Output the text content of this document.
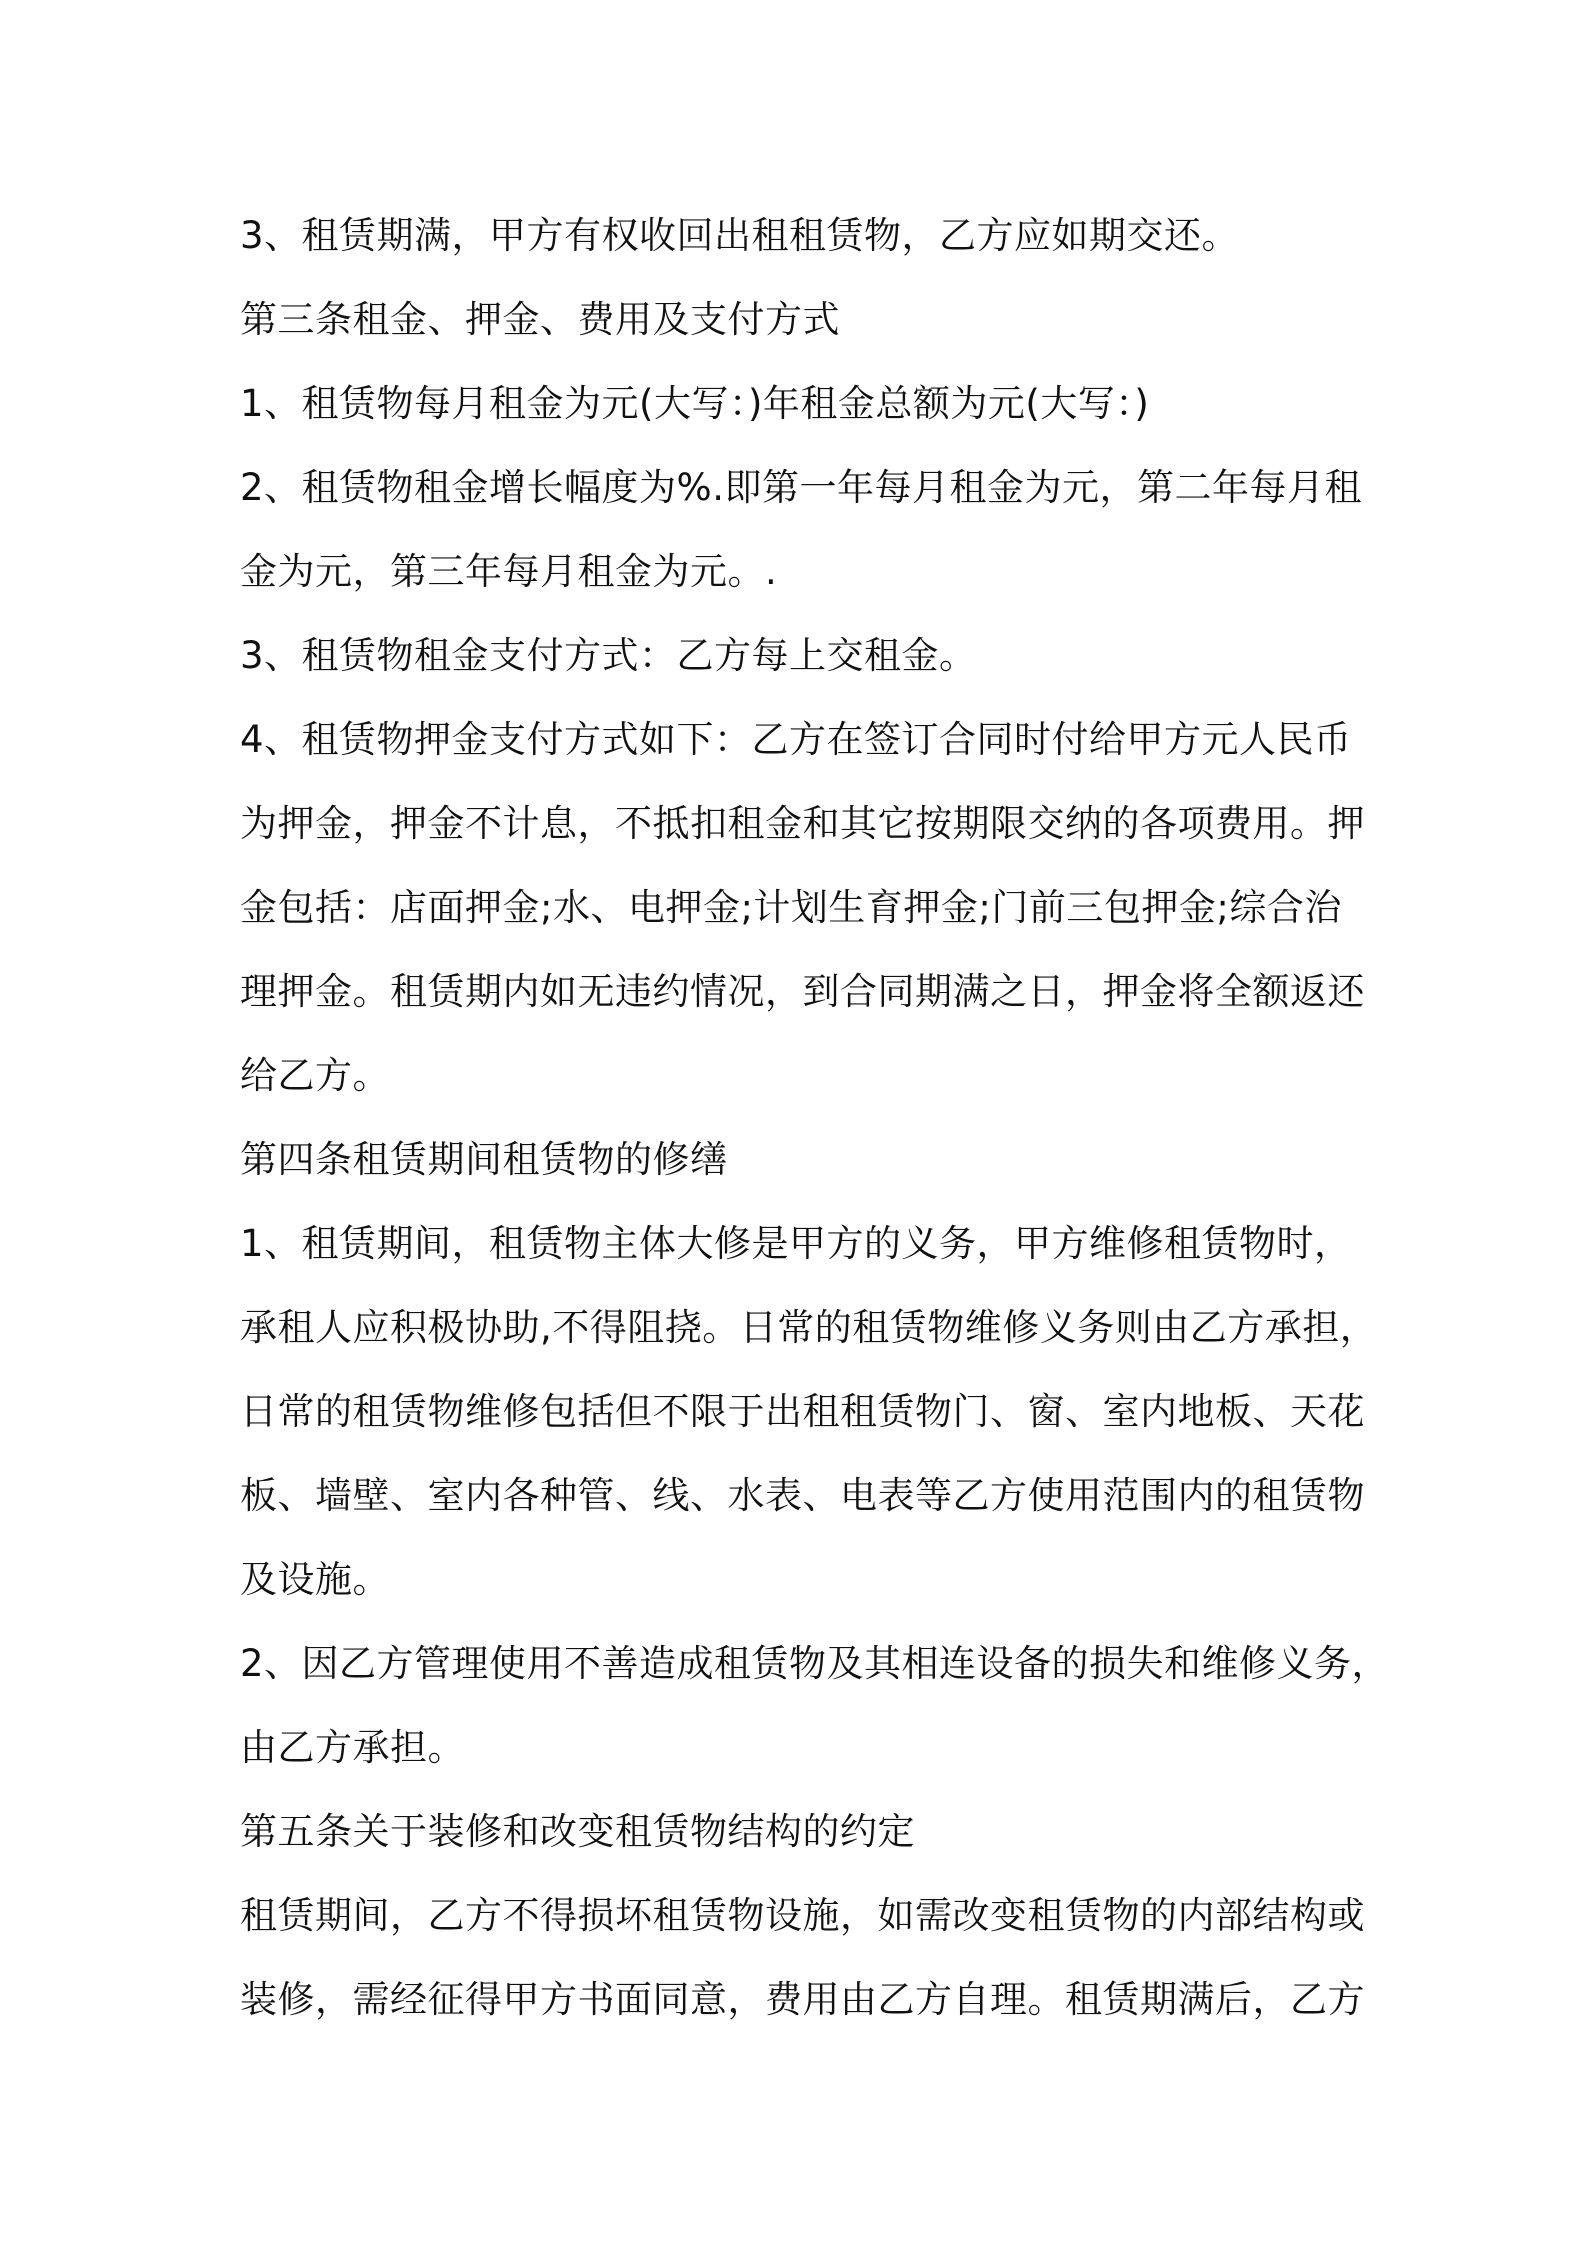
3、租赁期满，甲方有权收回出租租赁物，乙方应如期交还。
第三条租金、押金、费用及支付方式
1、租赁物每月租金为元(大写：)年租金总额为元(大写：)
2、租赁物租金增长幅度为%.即第一年每月租金为元，第二年每月租
金为元，第三年每月租金为元。.
3、租赁物租金支付方式：乙方每上交租金。
4、租赁物押金支付方式如下：乙方在签订合同时付给甲方元人民币
为押金，押金不计息，不抵扣租金和其它按期限交纳的各项费用。押
金包括：店面押金;水、电押金;计划生育押金;门前三包押金;综合治
理押金。租赁期内如无违约情况，到合同期满之日，押金将全额返还
给乙方。
第四条租赁期间租赁物的修缮
1、租赁期间，租赁物主体大修是甲方的义务，甲方维修租赁物时，
承租人应积极协助,不得阻挠。日常的租赁物维修义务则由乙方承担，
日常的租赁物维修包括但不限于出租租赁物门、窗、室内地板、天花
板、墙壁、室内各种管、线、水表、电表等乙方使用范围内的租赁物
及设施。
2、因乙方管理使用不善造成租赁物及其相连设备的损失和维修义务，
由乙方承担。
第五条关于装修和改变租赁物结构的约定
租赁期间，乙方不得损坏租赁物设施，如需改变租赁物的内部结构或
装修，需经征得甲方书面同意，费用由乙方自理。租赁期满后，乙方
